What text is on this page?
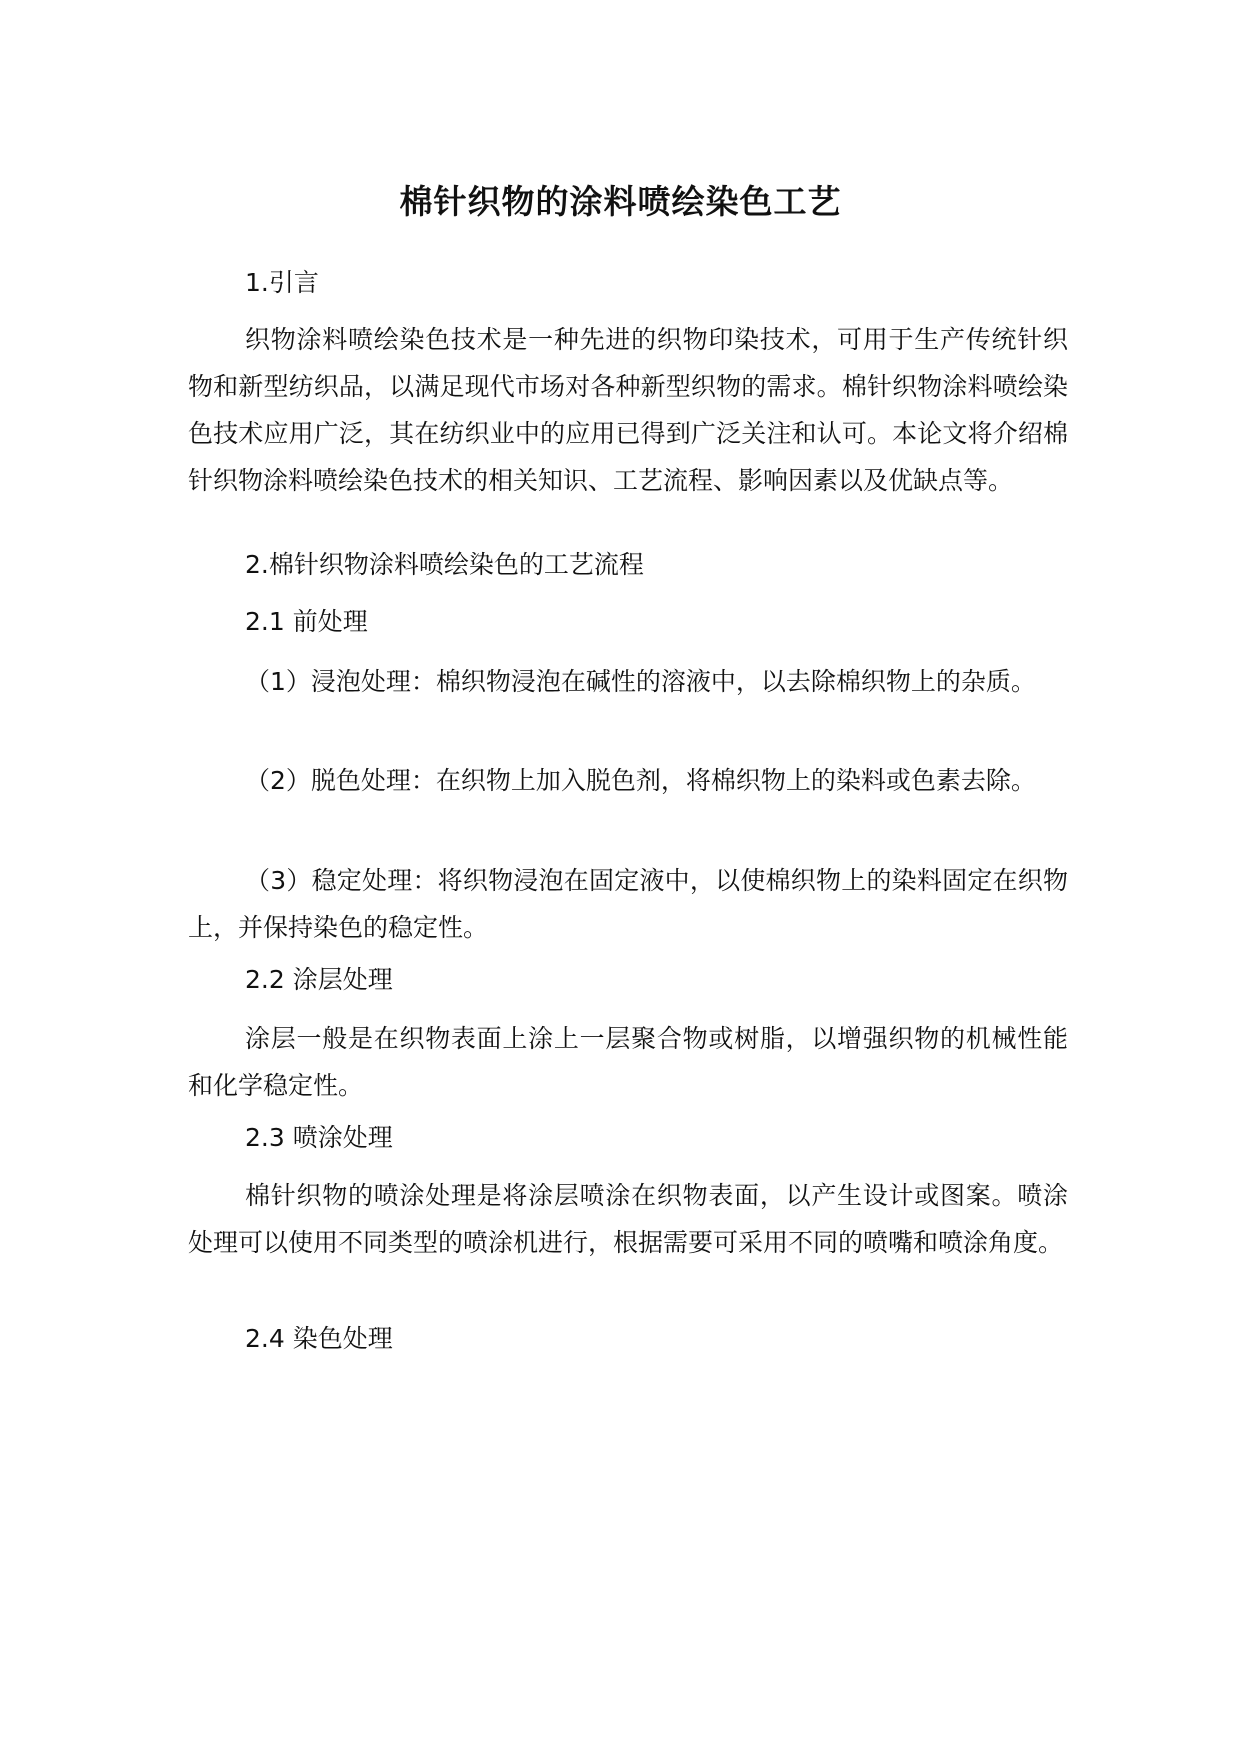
棉针织物的涂料喷绘染色工艺

1.引言

织物涂料喷绘染色技术是一种先进的织物印染技术，可用于生产传统针织物和新型纺织品，以满足现代市场对各种新型织物的需求。棉针织物涂料喷绘染色技术应用广泛，其在纺织业中的应用已得到广泛关注和认可。本论文将介绍棉针织物涂料喷绘染色技术的相关知识、工艺流程、影响因素以及优缺点等。

2.棉针织物涂料喷绘染色的工艺流程

2.1 前处理

（1）浸泡处理：棉织物浸泡在碱性的溶液中，以去除棉织物上的杂质。

（2）脱色处理：在织物上加入脱色剂，将棉织物上的染料或色素去除。

（3）稳定处理：将织物浸泡在固定液中，以使棉织物上的染料固定在织物上，并保持染色的稳定性。

2.2 涂层处理

涂层一般是在织物表面上涂上一层聚合物或树脂，以增强织物的机械性能和化学稳定性。

2.3 喷涂处理

棉针织物的喷涂处理是将涂层喷涂在织物表面，以产生设计或图案。喷涂处理可以使用不同类型的喷涂机进行，根据需要可采用不同的喷嘴和喷涂角度。

2.4 染色处理
